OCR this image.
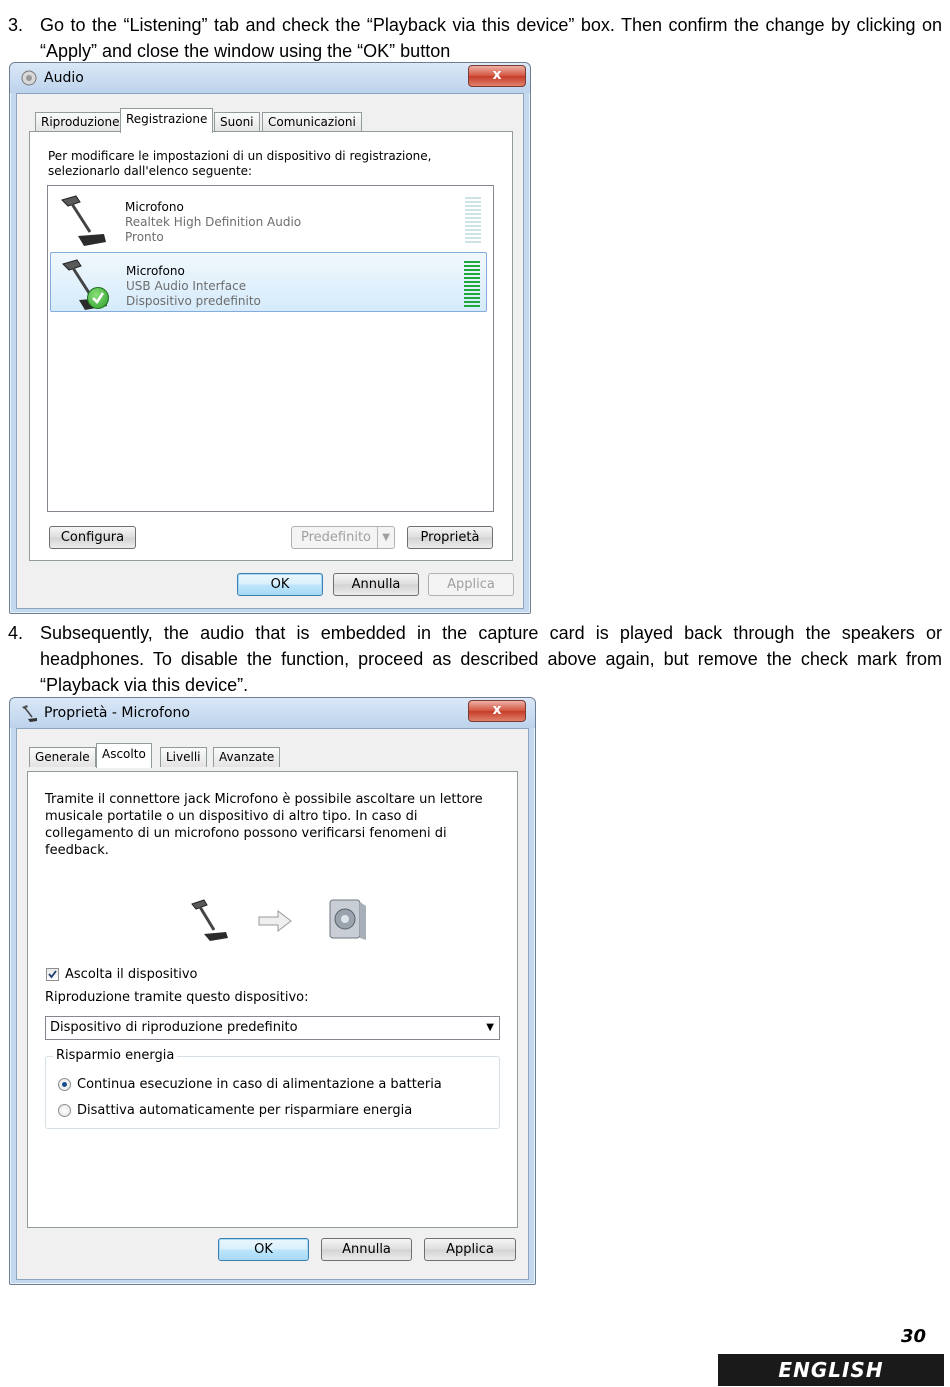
3. Go to the “Listening” tab and check the “Playback via this device” box. Then confirm the change by clicking on “Apply” and close the window using the “OK” button
Audio	x
Riproduzione Registrazione	Suoni	Comunicazioni
Per modificare le impostazioni di un dispositivo di registrazione, selezionarlo dall'elenco seguente:
Microfono
Realtek High Definition Audio
Pronto
Microfono
USB Audio Interface
Dispositivo predefinito
Configura	Predefinito	▼	Proprietà
OK	Annulla	Applica
4. Subsequently, the audio that is embedded in the capture card is played back through the speakers or headphones. To disable the function, proceed as described above again, but remove the check mark from “Playback via this device”.
Proprietà - Microfono	x
Generale	Ascolto	Livelli	Avanzate
Tramite il connettore jack Microfono è possibile ascoltare un lettore musicale portatile o un dispositivo di altro tipo. In caso di collegamento di un microfono possono verificarsi fenomeni di feedback.
Ascolta il dispositivo
Riproduzione tramite questo dispositivo:
Dispositivo di riproduzione predefinito	▼
Risparmio energia
Continua esecuzione in caso di alimentazione a batteria
Disattiva automaticamente per risparmiare energia
OK	Annulla	Applica
30
ENGLISH
